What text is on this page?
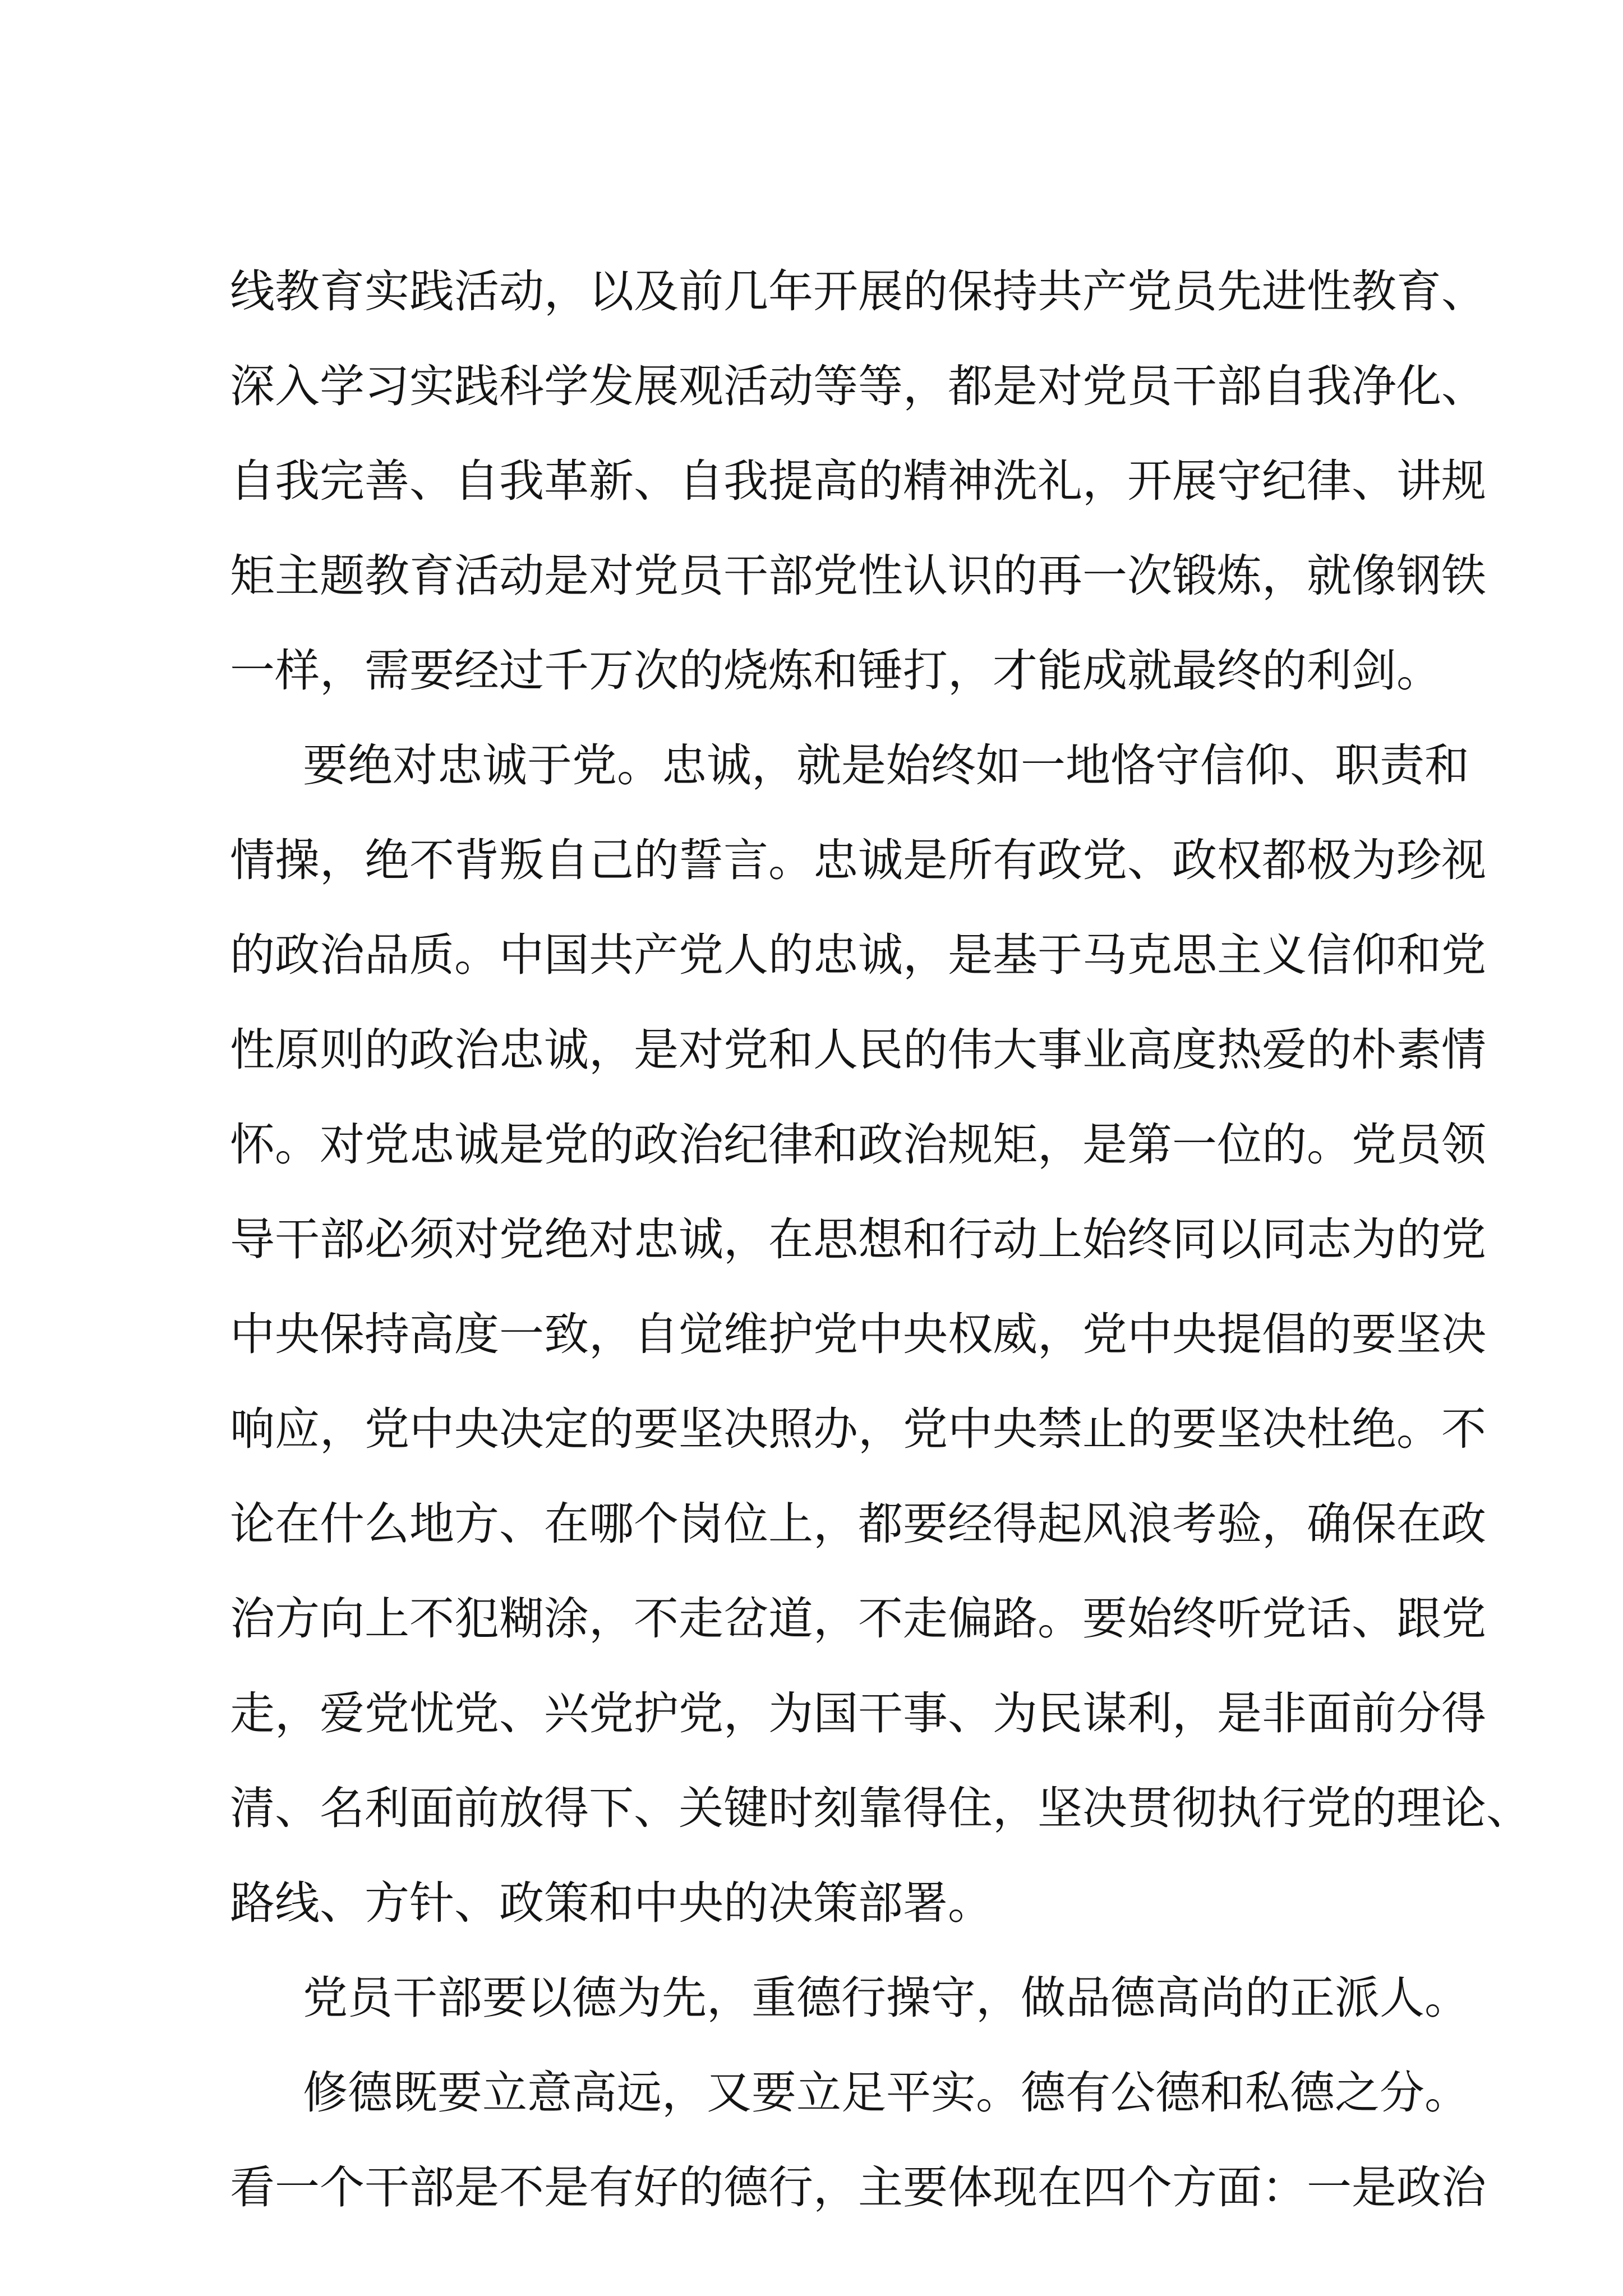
线教育实践活动，以及前几年开展的保持共产党员先进性教育、
深入学习实践科学发展观活动等等，都是对党员干部自我净化、
自我完善、自我革新、自我提高的精神洗礼，开展守纪律、讲规
矩主题教育活动是对党员干部党性认识的再一次锻炼，就像钢铁
一样，需要经过千万次的烧炼和锤打，才能成就最终的利剑。
要绝对忠诚于党。忠诚，就是始终如一地恪守信仰、职责和
情操，绝不背叛自己的誓言。忠诚是所有政党、政权都极为珍视
的政治品质。中国共产党人的忠诚，是基于马克思主义信仰和党
性原则的政治忠诚，是对党和人民的伟大事业高度热爱的朴素情
怀。对党忠诚是党的政治纪律和政治规矩，是第一位的。党员领
导干部必须对党绝对忠诚，在思想和行动上始终同以同志为的党
中央保持高度一致，自觉维护党中央权威，党中央提倡的要坚决
响应，党中央决定的要坚决照办，党中央禁止的要坚决杜绝。不
论在什么地方、在哪个岗位上，都要经得起风浪考验，确保在政
治方向上不犯糊涂，不走岔道，不走偏路。要始终听党话、跟党
走，爱党忧党、兴党护党，为国干事、为民谋利，是非面前分得
清、名利面前放得下、关键时刻靠得住，坚决贯彻执行党的理论、
路线、方针、政策和中央的决策部署。
党员干部要以德为先，重德行操守，做品德高尚的正派人。
修德既要立意高远，又要立足平实。德有公德和私德之分。
看一个干部是不是有好的德行，主要体现在四个方面：一是政治
